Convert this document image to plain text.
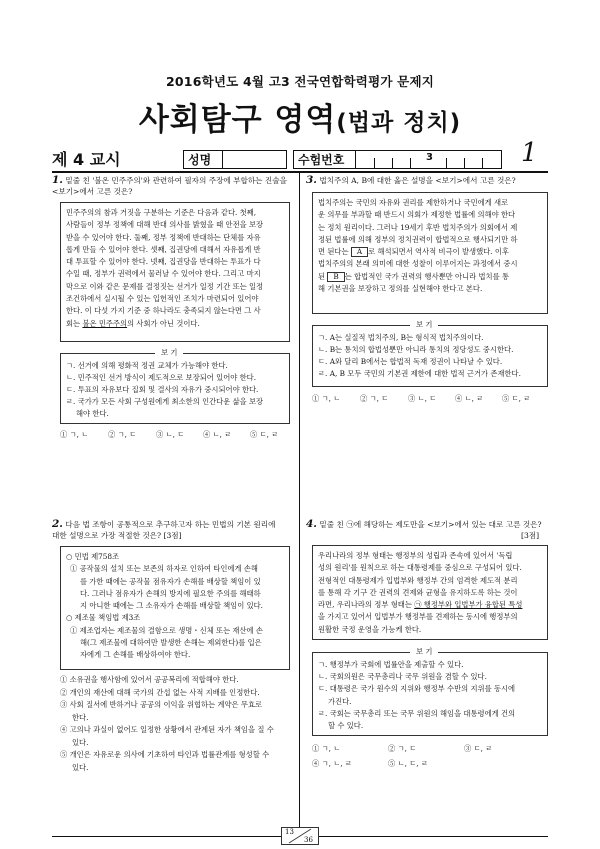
2016학년도 4월 고3 전국연합학력평가 문제지
사회탐구 영역(법과 정치)
제 4 교시	성명	수험번호	3	1
1. 밑줄 친 '불온 민주주의'와 관련하여 필자의 주장에 부합하는 진술을
<보기>에서 고른 것은?
민주주의의 참과 거짓을 구분하는 기준은 다음과 같다. 첫째,
사람들이 정부 정책에 대해 반대 의사를 밝혔을 때 안전을 보장
받을 수 있어야 한다. 둘째, 정부 정책에 반대하는 단체를 자유
롭게 만들 수 있어야 한다. 셋째, 집권당에 대해서 자유롭게 반
대 투표할 수 있어야 한다. 넷째, 집권당을 반대하는 투표가 다
수일 때, 정부가 권력에서 물러날 수 있어야 한다. 그리고 마지
막으로 이와 같은 문제를 결정짓는 선거가 일정 기간 또는 일정
조건하에서 실시될 수 있는 입헌적인 조치가 마련되어 있어야
한다. 이 다섯 가지 기준 중 하나라도 충족되지 않는다면 그 사
회는 불온 민주주의의 사회가 아닌 것이다.
보 기
ㄱ. 선거에 의해 평화적 정권 교체가 가능해야 한다.
ㄴ. 민주적인 선거 방식이 제도적으로 보장되어 있어야 한다.
ㄷ. 투표의 자유보다 집회 및 결사의 자유가 중시되어야 한다.
ㄹ. 국가가 모든 사회 구성원에게 최소한의 인간다운 삶을 보장
해야 한다.
① ㄱ, ㄴ	② ㄱ, ㄷ	③ ㄴ, ㄷ	④ ㄴ, ㄹ	⑤ ㄷ, ㄹ
2. 다음 법 조항이 공통적으로 추구하고자 하는 민법의 기본 원리에
대한 설명으로 가장 적절한 것은? [3점]
○ 민법 제758조
① 공작물의 설치 또는 보존의 하자로 인하여 타인에게 손해
를 가한 때에는 공작물 점유자가 손해를 배상할 책임이 있
다. 그러나 점유자가 손해의 방지에 필요한 주의를 해태하
지 아니한 때에는 그 소유자가 손해를 배상할 책임이 있다.
○ 제조물 책임법 제3조
① 제조업자는 제조물의 결함으로 생명・신체 또는 재산에 손
해(그 제조물에 대하여만 발생한 손해는 제외한다)를 입은
자에게 그 손해를 배상하여야 한다.
① 소유권을 행사함에 있어서 공공복리에 적합해야 한다.
② 개인의 재산에 대해 국가의 간섭 없는 사적 지배를 인정한다.
③ 사회 질서에 반하거나 공공의 이익을 위협하는 계약은 무효로
한다.
④ 고의나 과실이 없어도 일정한 상황에서 관계된 자가 책임을 질 수
있다.
⑤ 개인은 자유로운 의사에 기초하여 타인과 법률관계를 형성할 수
있다.
3. 법치주의 A, B에 대한 옳은 설명을 <보기>에서 고른 것은?
법치주의는 국민의 자유와 권리를 제한하거나 국민에게 새로
운 의무를 부과할 때 반드시 의회가 제정한 법률에 의해야 한다
는 정치 원리이다. 그러나 19세기 후반 법치주의가 의회에서 제
정된 법률에 의해 정부의 정치권력이 합법적으로 행사되기만 하
면 된다는 A 로 해석되면서 역사적 비극이 발생했다. 이후
법치주의의 본래 의미에 대한 성찰이 이루어지는 과정에서 중시
된 B 는 합법적인 국가 권력의 행사뿐만 아니라 법치를 통
해 기본권을 보장하고 정의를 실현해야 한다고 본다.
보 기
ㄱ. A는 실질적 법치주의, B는 형식적 법치주의이다.
ㄴ. B는 통치의 합법성뿐만 아니라 통치의 정당성도 중시한다.
ㄷ. A와 달리 B에서는 합법적 독재 정권이 나타날 수 있다.
ㄹ. A, B 모두 국민의 기본권 제한에 대한 법적 근거가 존재한다.
① ㄱ, ㄴ	② ㄱ, ㄷ	③ ㄴ, ㄷ	④ ㄴ, ㄹ	⑤ ㄷ, ㄹ
4. 밑줄 친 ㉠에 해당하는 제도만을 <보기>에서 있는 대로 고른 것은?
[3점]
우리나라의 정부 형태는 행정부의 성립과 존속에 있어서 '독립
성의 원리'를 원칙으로 하는 대통령제를 중심으로 구성되어 있다.
전형적인 대통령제가 입법부와 행정부 간의 엄격한 제도적 분리
를 통해 각 기구 간 권력의 견제와 균형을 유지하도록 하는 것이
라면, 우리나라의 정부 형태는 ㉠ 행정부와 입법부가 융합된 특성
을 가지고 있어서 입법부가 행정부를 견제하는 동시에 행정부의
원활한 국정 운영을 가능케 한다.
보 기
ㄱ. 행정부가 국회에 법률안을 제출할 수 있다.
ㄴ. 국회의원은 국무총리나 국무 위원을 겸할 수 있다.
ㄷ. 대통령은 국가 원수의 지위와 행정부 수반의 지위를 동시에
가진다.
ㄹ. 국회는 국무총리 또는 국무 위원의 해임을 대통령에게 건의
할 수 있다.
① ㄱ, ㄴ	② ㄱ, ㄷ	③ ㄷ, ㄹ
④ ㄱ, ㄴ, ㄹ	⑤ ㄴ, ㄷ, ㄹ
13
36
